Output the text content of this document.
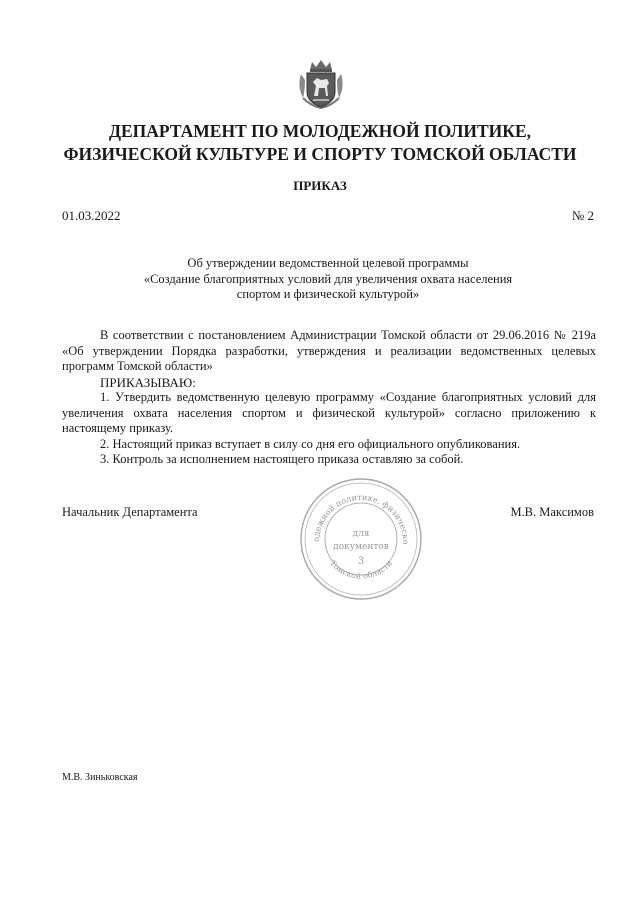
ДЕПАРТАМЕНТ ПО МОЛОДЕЖНОЙ ПОЛИТИКЕ,
ФИЗИЧЕСКОЙ КУЛЬТУРЕ И СПОРТУ ТОМСКОЙ ОБЛАСТИ
ПРИКАЗ
01.03.2022	№ 2
Об утверждении ведомственной целевой программы
«Создание благоприятных условий для увеличения охвата населения
спортом и физической культурой»

В соответствии с постановлением Администрации Томской области от 29.06.2016 № 219а «Об утверждении Порядка разработки, утверждения и реализации ведомственных целевых программ Томской области»

ПРИКАЗЫВАЮ:

1. Утвердить ведомственную целевую программу «Создание благоприятных условий для увеличения охвата населения спортом и физической культурой» согласно приложению к настоящему приказу.

2. Настоящий приказ вступает в силу со дня его официального опубликования.

3. Контроль за исполнением настоящего приказа оставляю за собой.

Начальник Департамента	М.В. Максимов
одежной политике, физическо
Томской области
для
документов
3
М.В. Зиньковская
